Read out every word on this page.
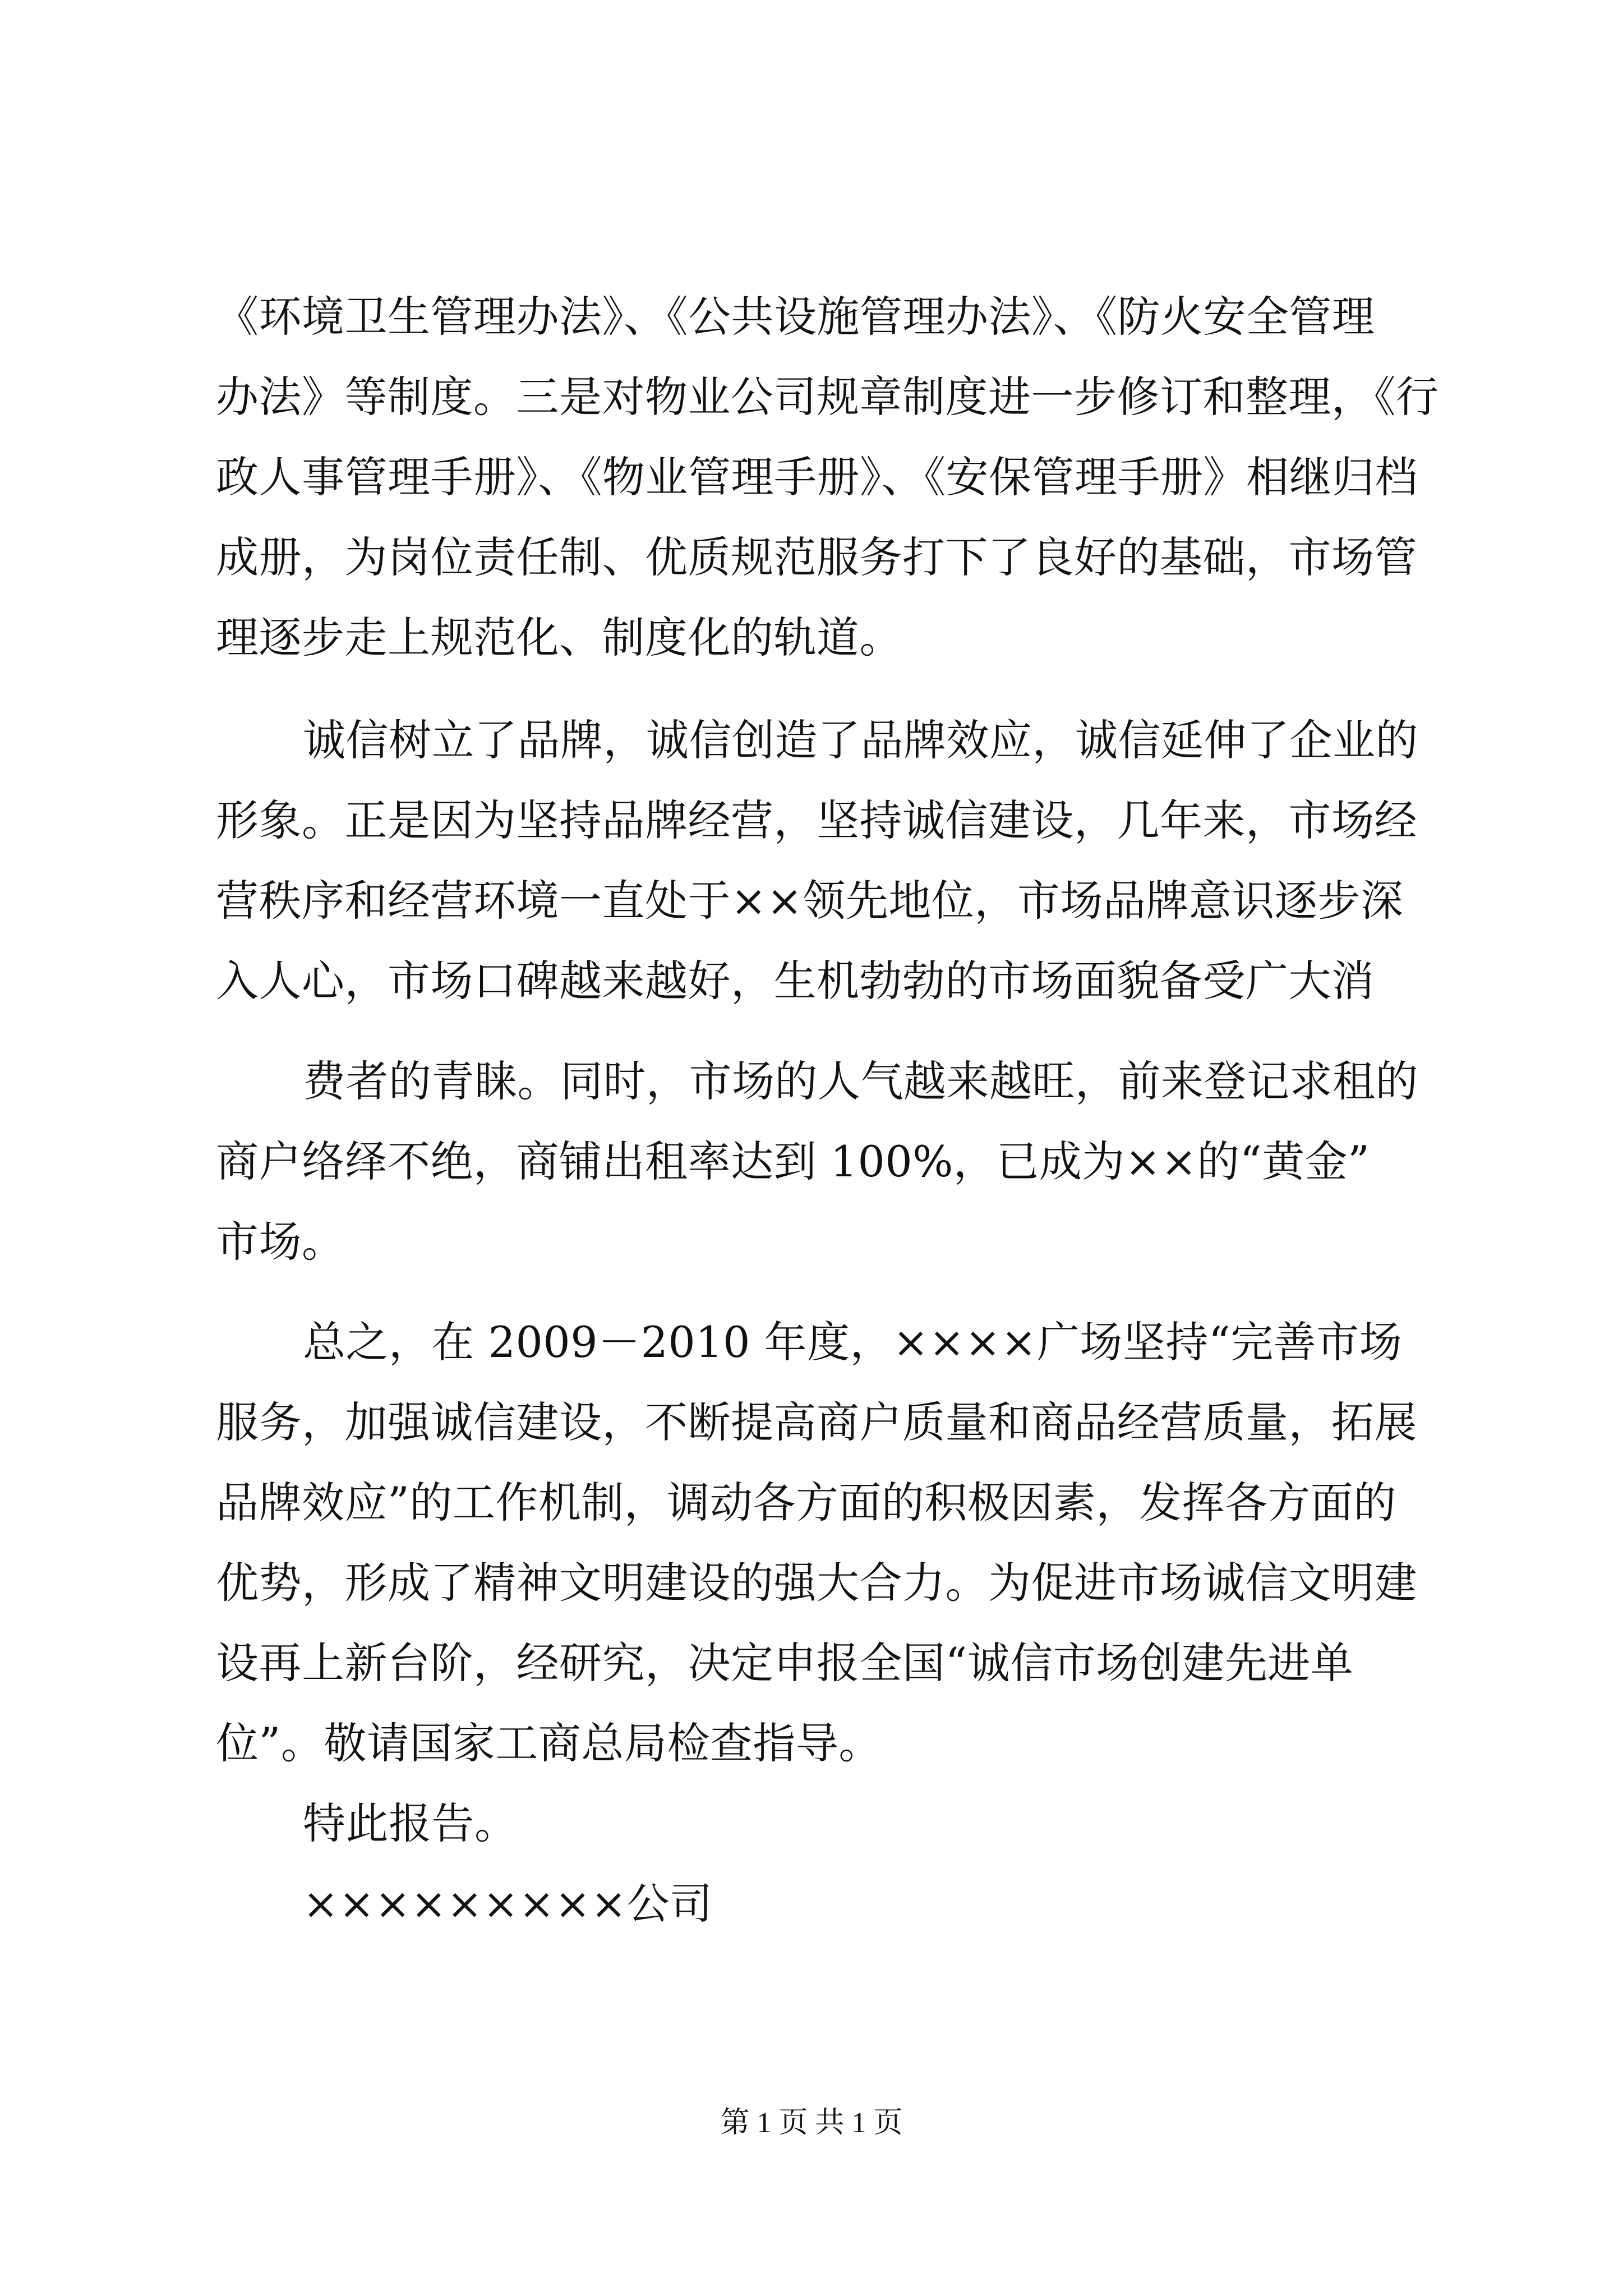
《环境卫生管理办法》、《公共设施管理办法》、《防火安全管理
办法》等制度。三是对物业公司规章制度进一步修订和整理，《行
政人事管理手册》、《物业管理手册》、《安保管理手册》相继归档
成册，为岗位责任制、优质规范服务打下了良好的基础，市场管
理逐步走上规范化、制度化的轨道。
诚信树立了品牌，诚信创造了品牌效应，诚信延伸了企业的
形象。正是因为坚持品牌经营，坚持诚信建设，几年来，市场经
营秩序和经营环境一直处于××领先地位，市场品牌意识逐步深
入人心，市场口碑越来越好，生机勃勃的市场面貌备受广大消
费者的青睐。同时，市场的人气越来越旺，前来登记求租的
商户络绎不绝，商铺出租率达到 100%，已成为××的“黄金”
市场。
总之，在 2009－2010 年度，××××广场坚持“完善市场
服务，加强诚信建设，不断提高商户质量和商品经营质量，拓展
品牌效应”的工作机制，调动各方面的积极因素，发挥各方面的
优势，形成了精神文明建设的强大合力。为促进市场诚信文明建
设再上新台阶，经研究，决定申报全国“诚信市场创建先进单
位”。敬请国家工商总局检查指导。
特此报告。
×××××××××公司
第 1 页 共 1 页
